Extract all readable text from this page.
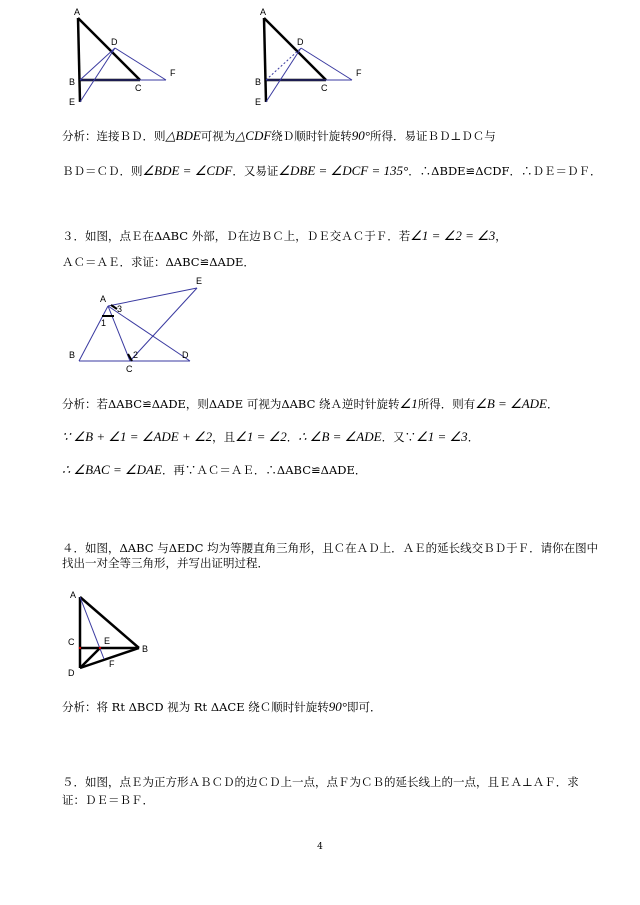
A
D
F
B
C
E
A
D
F
B
C
E
分析：连接ＢＤ．则△BDE可视为△CDF绕Ｄ顺时针旋转90°所得．易证ＢＤ⊥ＤＣ与
ＢＤ＝ＣＤ．则∠BDE = ∠CDF．又易证∠DBE = ∠DCF = 135°．∴ΔBDE≌ΔCDF．∴ＤＥ＝ＤＦ．
３．如图，点Ｅ在ΔABC 外部，Ｄ在边ＢＣ上，ＤＥ交ＡＣ于Ｆ．若∠1 = ∠2 = ∠3，
ＡＣ＝ＡＥ．求证：ΔABC≌ΔADE．
A
3
1
E
B	2	D
C
分析：若ΔABC≌ΔADE，则ΔADE 可视为ΔABC 绕Ａ逆时针旋转∠1所得．则有∠B = ∠ADE．
∵ ∠B + ∠1 = ∠ADE + ∠2，且∠1 = ∠2．∴ ∠B = ∠ADE．又∵∠1 = ∠3．
∴ ∠BAC = ∠DAE．再∵ＡＣ＝ＡＥ．∴ΔABC≌ΔADE．
４．如图，ΔABC 与ΔEDC 均为等腰直角三角形，且Ｃ在ＡＤ上．ＡＥ的延长线交ＢＤ于Ｆ．请你在图中
找出一对全等三角形，并写出证明过程．
A
C	E
B
F
D
分析：将 Rt ΔBCD 视为 Rt ΔACE 绕Ｃ顺时针旋转90°即可．
５．如图，点Ｅ为正方形ＡＢＣＤ的边ＣＤ上一点，点Ｆ为ＣＢ的延长线上的一点，且ＥＡ⊥ＡＦ．求
证：ＤＥ＝ＢＦ．
4
